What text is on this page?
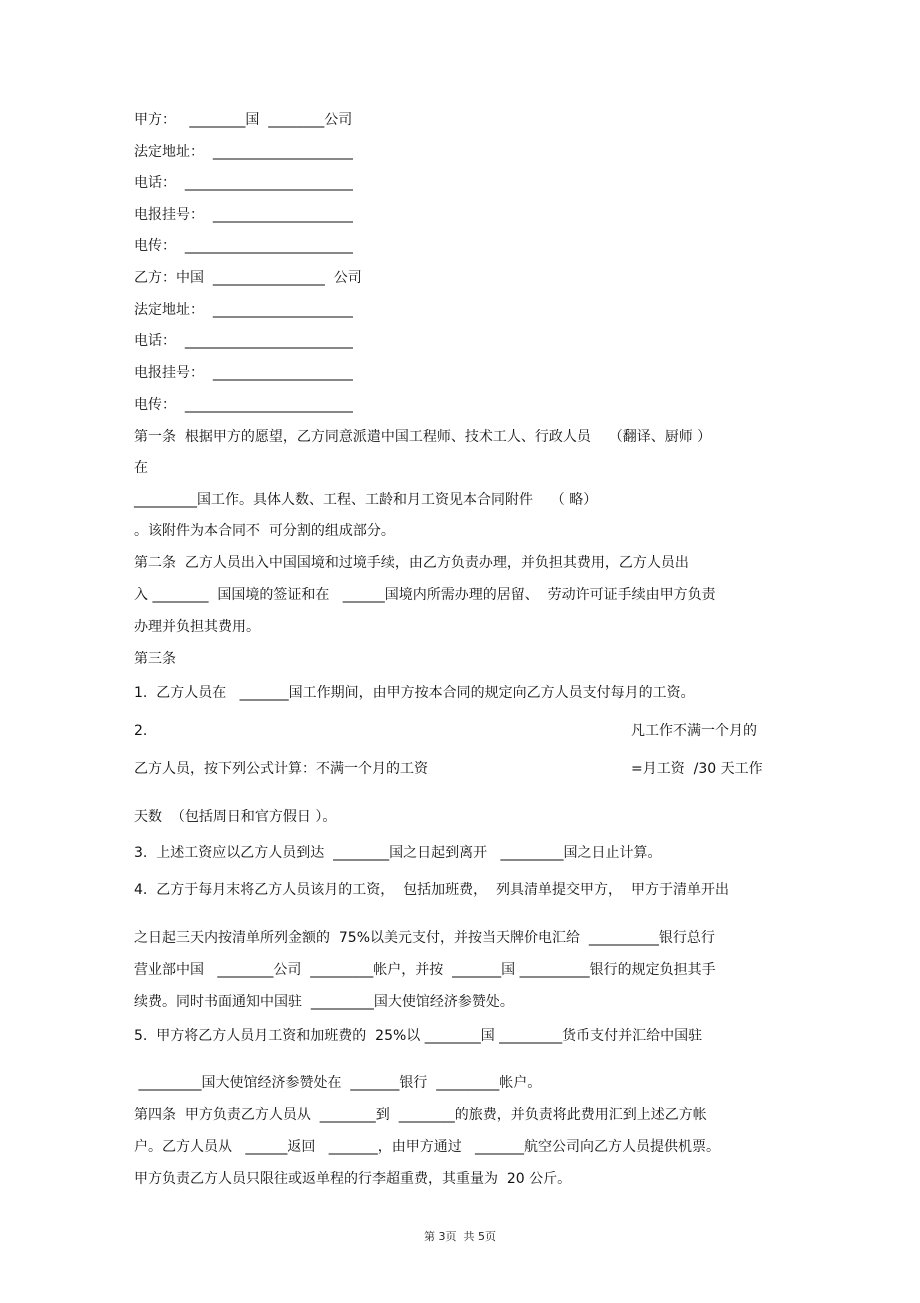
甲方：   ________国  ________公司
法定地址：  ____________________
电话：  ________________________
电报挂号：  ____________________
电传：  ________________________
乙方：中国  ________________  公司
法定地址：  ____________________
电话：  ________________________
电报挂号：  ____________________
电传：  ________________________
第一条  根据甲方的愿望，乙方同意派遣中国工程师、技术工人、行政人员    （翻译、厨师 ）
在
_________国工作。具体人数、工程、工龄和月工资见本合同附件    （ 略）
。该附件为本合同不  可分割的组成部分。
第二条  乙方人员出入中国国境和过境手续，由乙方负责办理，并负担其费用，乙方人员出
入 ________  国国境的签证和在   ______国境内所需办理的居留、  劳动许可证手续由甲方负责
办理并负担其费用。
第三条
1.  乙方人员在   _______国工作期间，由甲方按本合同的规定向乙方人员支付每月的工资。
2.	凡工作不满一个月的
乙方人员，按下列公式计算：不满一个月的工资	=月工资  /30 天工作
天数  （包括周日和官方假日 ）。
3.  上述工资应以乙方人员到达  ________国之日起到离开   _________国之日止计算。
4.  乙方于每月末将乙方人员该月的工资，  包括加班费，  列具清单提交甲方，  甲方于清单开出
之日起三天内按清单所列金额的  75%以美元支付，并按当天牌价电汇给  __________银行总行
营业部中国   ________公司  _________帐户，并按  _______国 __________银行的规定负担其手
续费。同时书面通知中国驻  _________国大使馆经济参赞处。
5.  甲方将乙方人员月工资和加班费的  25%以 ________国 _________货币支付并汇给中国驻
_________国大使馆经济参赞处在  _______银行  _________帐户。
第四条  甲方负责乙方人员从  ________到  ________的旅费，并负责将此费用汇到上述乙方帐
户。乙方人员从   ______返回   _______，由甲方通过   _______航空公司向乙方人员提供机票。
甲方负责乙方人员只限往或返单程的行李超重费，其重量为  20 公斤。
第 3页  共 5页
